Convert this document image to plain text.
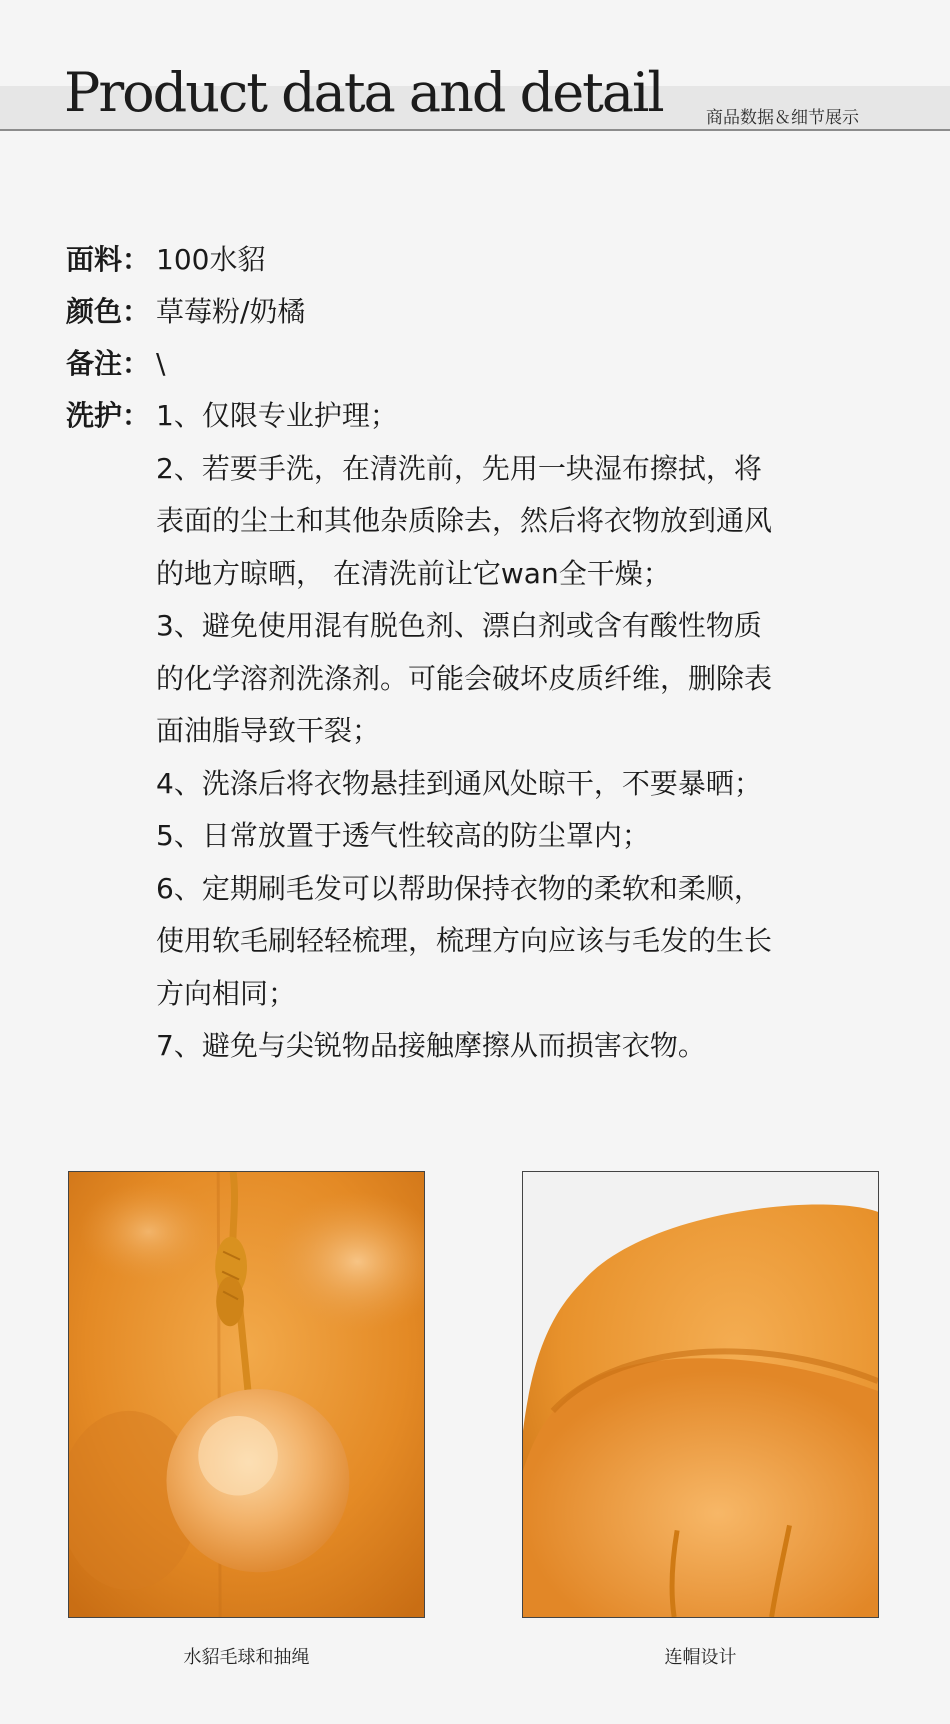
Product data and detail	商品数据＆细节展示
面料： 100水貂
颜色： 草莓粉/奶橘
备注： \
洗护： 1、仅限专业护理；
2、若要手洗，在清洗前，先用一块湿布擦拭，将
表面的尘土和其他杂质除去，然后将衣物放到通风
的地方晾晒， 在清洗前让它wan全干燥；
3、避免使用混有脱色剂、漂白剂或含有酸性物质
的化学溶剂洗涤剂。可能会破坏皮质纤维，删除表
面油脂导致干裂；
4、洗涤后将衣物悬挂到通风处晾干，不要暴晒；
5、日常放置于透气性较高的防尘罩内；
6、定期刷毛发可以帮助保持衣物的柔软和柔顺，
使用软毛刷轻轻梳理，梳理方向应该与毛发的生长
方向相同；
7、避免与尖锐物品接触摩擦从而损害衣物。
水貂毛球和抽绳	连帽设计
